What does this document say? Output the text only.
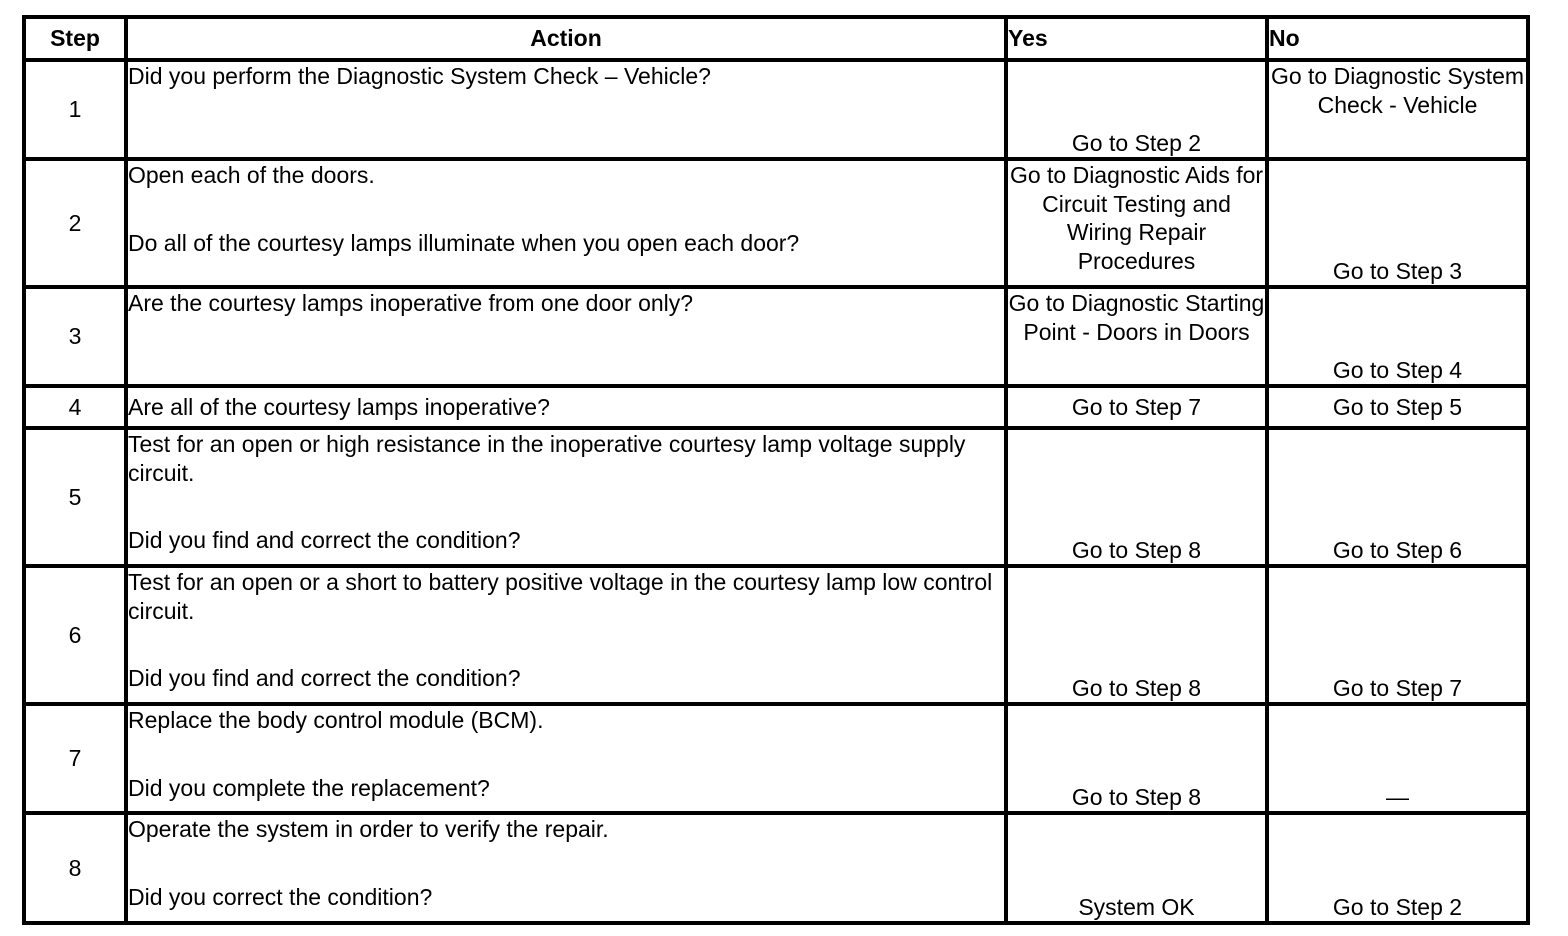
Step	Action	Yes	No
1	Did you perform the Diagnostic System Check – Vehicle?	Go to Step 2	Go to Diagnostic System Check - Vehicle
2	Open each of the doors.
Do all of the courtesy lamps illuminate when you open each door?	Go to Diagnostic Aids for Circuit Testing and Wiring Repair Procedures	Go to Step 3
3	Are the courtesy lamps inoperative from one door only?	Go to Diagnostic Starting Point - Doors in Doors	Go to Step 4
4	Are all of the courtesy lamps inoperative?	Go to Step 7	Go to Step 5
5	Test for an open or high resistance in the inoperative courtesy lamp voltage supply circuit.
Did you find and correct the condition?	Go to Step 8	Go to Step 6
6	Test for an open or a short to battery positive voltage in the courtesy lamp low control circuit.
Did you find and correct the condition?	Go to Step 8	Go to Step 7
7	Replace the body control module (BCM).
Did you complete the replacement?	Go to Step 8	—
8	Operate the system in order to verify the repair.
Did you correct the condition?	System OK	Go to Step 2
